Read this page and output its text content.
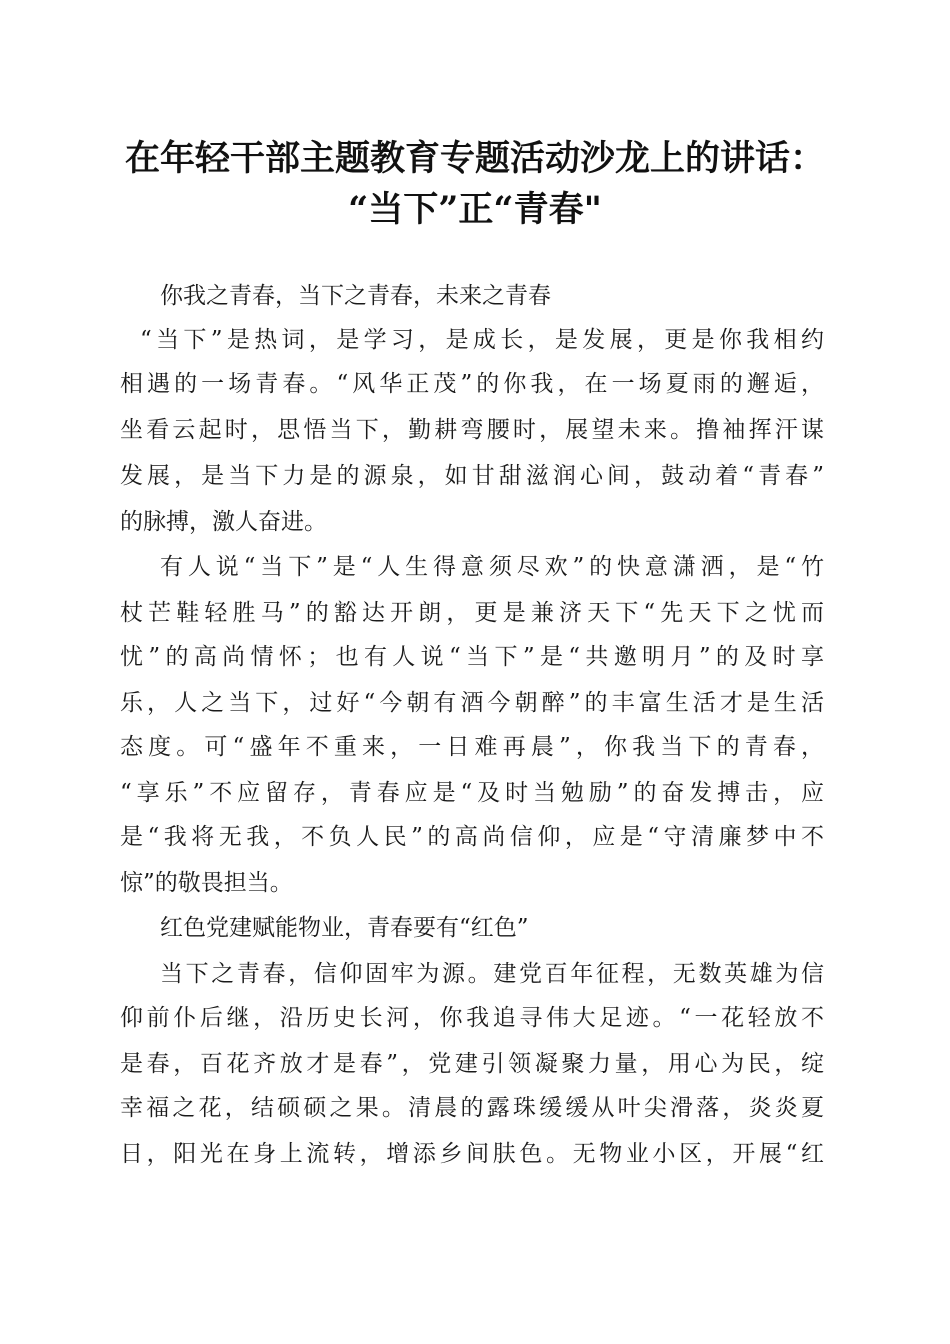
在年轻干部主题教育专题活动沙龙上的讲话：
“当下”正“青春"
你我之青春，当下之青春，未来之青春
“当下”是热词，是学习，是成长，是发展，更是你我相约
相遇的一场青春。“风华正茂”的你我，在一场夏雨的邂逅，
坐看云起时，思悟当下，勤耕弯腰时，展望未来。撸袖挥汗谋
发展，是当下力是的源泉，如甘甜滋润心间，鼓动着“青春”
的脉搏，激人奋进。
有人说“当下”是“人生得意须尽欢”的快意潇洒，是“竹
杖芒鞋轻胜马”的豁达开朗，更是兼济天下“先天下之忧而
忧”的高尚情怀；也有人说“当下”是“共邀明月”的及时享
乐，人之当下，过好“今朝有酒今朝醉”的丰富生活才是生活
态度。可“盛年不重来，一日难再晨”，你我当下的青春，
“享乐”不应留存，青春应是“及时当勉励”的奋发搏击，应
是“我将无我，不负人民”的高尚信仰，应是“守清廉梦中不
惊”的敬畏担当。
红色党建赋能物业，青春要有“红色”
当下之青春，信仰固牢为源。建党百年征程，无数英雄为信
仰前仆后继，沿历史长河，你我追寻伟大足迹。“一花轻放不
是春，百花齐放才是春”，党建引领凝聚力量，用心为民，绽
幸福之花，结硕硕之果。清晨的露珠缓缓从叶尖滑落，炎炎夏
日，阳光在身上流转，增添乡间肤色。无物业小区，开展“红
